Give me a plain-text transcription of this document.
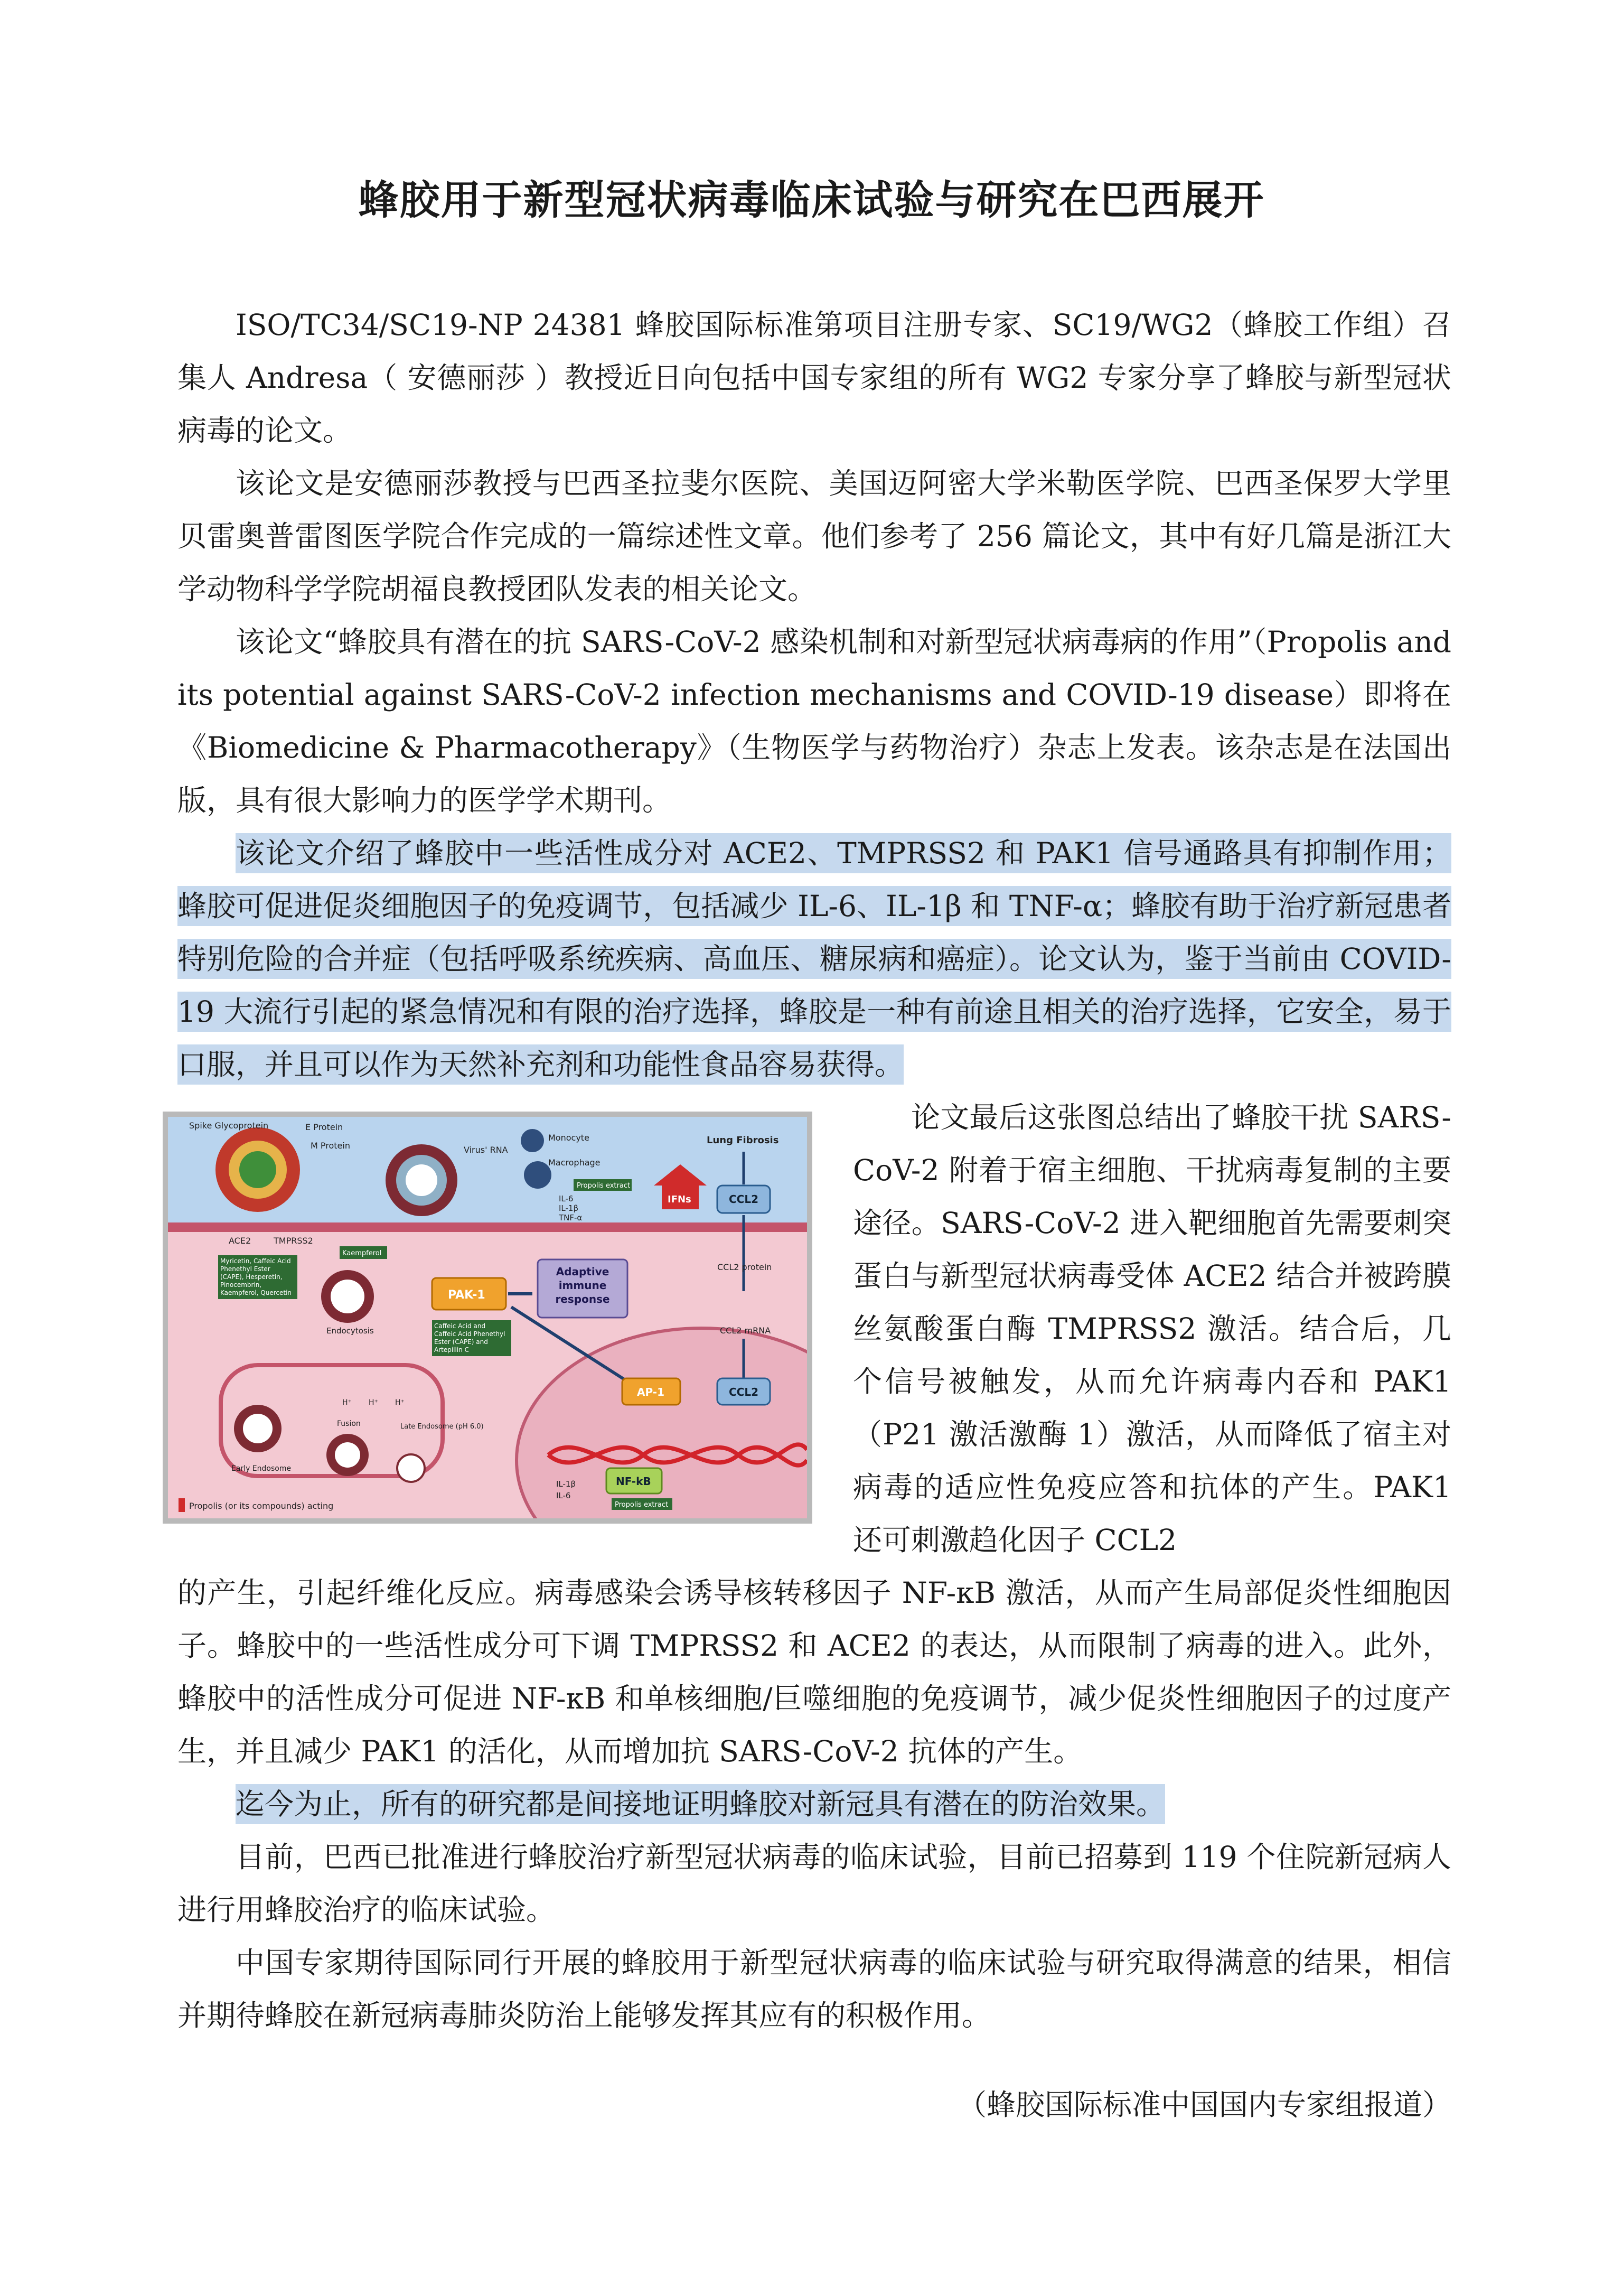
蜂胶用于新型冠状病毒临床试验与研究在巴西展开

ISO/TC34/SC19-NP 24381 蜂胶国际标准第项目注册专家、SC19/WG2（蜂胶工作组）召集人 Andresa（ 安德丽莎 ）教授近日向包括中国专家组的所有 WG2 专家分享了蜂胶与新型冠状病毒的论文。

该论文是安德丽莎教授与巴西圣拉斐尔医院、美国迈阿密大学米勒医学院、巴西圣保罗大学里贝雷奥普雷图医学院合作完成的一篇综述性文章。他们参考了 256 篇论文，其中有好几篇是浙江大学动物科学学院胡福良教授团队发表的相关论文。

该论文“蜂胶具有潜在的抗 SARS-CoV-2 感染机制和对新型冠状病毒病的作用”（Propolis and its potential against SARS-CoV-2 infection mechanisms and COVID-19 disease）即将在《Biomedicine & Pharmacotherapy》（生物医学与药物治疗）杂志上发表。该杂志是在法国出版，具有很大影响力的医学学术期刊。

该论文介绍了蜂胶中一些活性成分对 ACE2、TMPRSS2 和 PAK1 信号通路具有抑制作用；蜂胶可促进促炎细胞因子的免疫调节，包括减少 IL-6、IL-1β 和 TNF-α；蜂胶有助于治疗新冠患者特别危险的合并症（包括呼吸系统疾病、高血压、糖尿病和癌症）。论文认为，鉴于当前由 COVID-19 大流行引起的紧急情况和有限的治疗选择，蜂胶是一种有前途且相关的治疗选择，它安全，易于口服，并且可以作为天然补充剂和功能性食品容易获得。

Spike Glycoprotein	E Protein
M Protein
ACE2	TMPRSS2
Virus' RNA
Monocyte
Macrophage
Propolis extract
IL-6
IL-1β
TNF-α
IFNs
Lung Fibrosis
CCL2
CCL2 protein
CCL2 mRNA
Kaempferol
Myricetin, Caffeic Acid Phenethyl Ester (CAPE), Hesperetin, Pinocembrin, Kaempferol, Quercetin
Endocytosis
PAK-1
Adaptive immune response
Caffeic Acid and Caffeic Acid Phenethyl Ester (CAPE) and Artepillin C
Early Endosome
H⁺ H⁺ H⁺
Fusion	Late Endosome (pH 6.0)
AP-1	CCL2
NF-kB
IL-1β
IL-6
Propolis extract
Propolis (or its compounds) acting

论文最后这张图总结出了蜂胶干扰 SARS-CoV-2 附着于宿主细胞、干扰病毒复制的主要途径。SARS-CoV-2 进入靶细胞首先需要刺突蛋白与新型冠状病毒受体 ACE2 结合并被跨膜丝氨酸蛋白酶 TMPRSS2 激活。结合后，几个信号被触发，从而允许病毒内吞和 PAK1（P21 激活激酶 1）激活，从而降低了宿主对病毒的适应性免疫应答和抗体的产生。PAK1 还可刺激趋化因子 CCL2

的产生，引起纤维化反应。病毒感染会诱导核转移因子 NF-κB 激活，从而产生局部促炎性细胞因子。蜂胶中的一些活性成分可下调 TMPRSS2 和 ACE2 的表达，从而限制了病毒的进入。此外，蜂胶中的活性成分可促进 NF-κB 和单核细胞/巨噬细胞的免疫调节，减少促炎性细胞因子的过度产生，并且减少 PAK1 的活化，从而增加抗 SARS-CoV-2 抗体的产生。

迄今为止，所有的研究都是间接地证明蜂胶对新冠具有潜在的防治效果。

目前，巴西已批准进行蜂胶治疗新型冠状病毒的临床试验，目前已招募到 119 个住院新冠病人进行用蜂胶治疗的临床试验。

中国专家期待国际同行开展的蜂胶用于新型冠状病毒的临床试验与研究取得满意的结果，相信并期待蜂胶在新冠病毒肺炎防治上能够发挥其应有的积极作用。

（蜂胶国际标准中国国内专家组报道）
